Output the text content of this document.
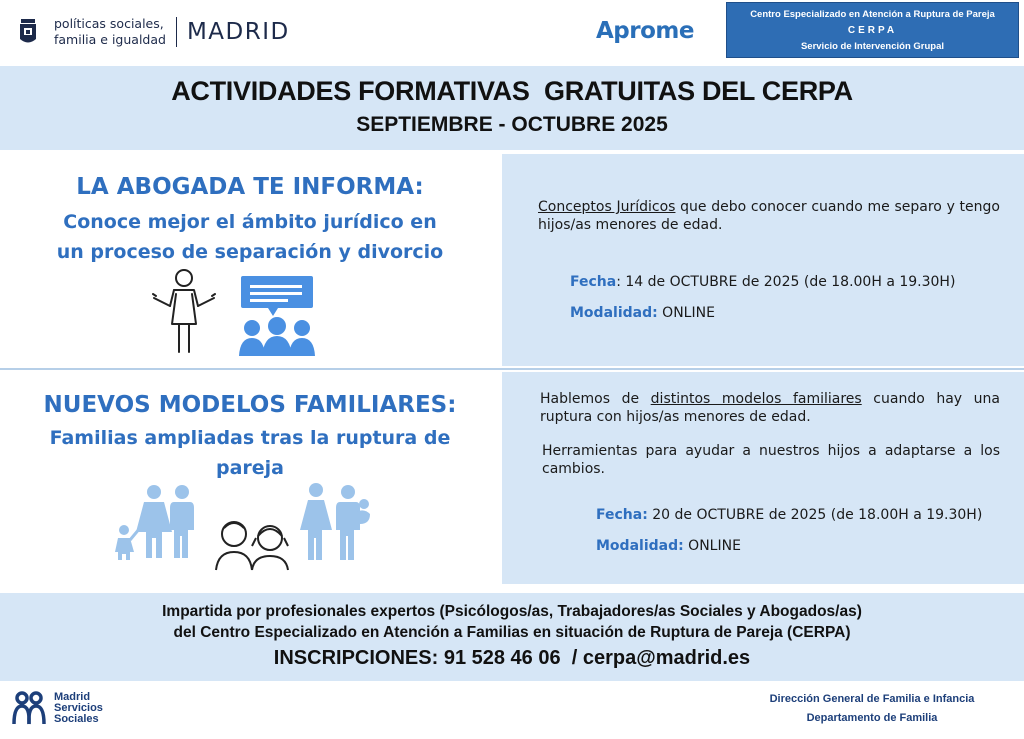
políticas sociales,
familia e igualdad MADRID	Aprome
Centro Especializado en Atención a Ruptura de Pareja
CERPA
Servicio de Intervención Grupal
ACTIVIDADES FORMATIVAS  GRATUITAS DEL CERPA
SEPTIEMBRE - OCTUBRE 2025
LA ABOGADA TE INFORMA:
Conoce mejor el ámbito jurídico en
un proceso de separación y divorcio
Conceptos Jurídicos que debo conocer cuando me separo y tengo hijos/as menores de edad.
Fecha: 14 de OCTUBRE de 2025 (de 18.00H a 19.30H)
Modalidad: ONLINE
NUEVOS MODELOS FAMILIARES:
Familias ampliadas tras la ruptura de
pareja
Hablemos de distintos modelos familiares cuando hay una ruptura con hijos/as menores de edad.
Herramientas para ayudar a nuestros hijos a adaptarse a los cambios.
Fecha: 20 de OCTUBRE de 2025 (de 18.00H a 19.30H)
Modalidad: ONLINE
Impartida por profesionales expertos (Psicólogos/as, Trabajadores/as Sociales y Abogados/as)
del Centro Especializado en Atención a Familias en situación de Ruptura de Pareja (CERPA)
INSCRIPCIONES: 91 528 46 06  / cerpa@madrid.es
Madrid
Servicios
Sociales
Dirección General de Familia e Infancia
Departamento de Familia
